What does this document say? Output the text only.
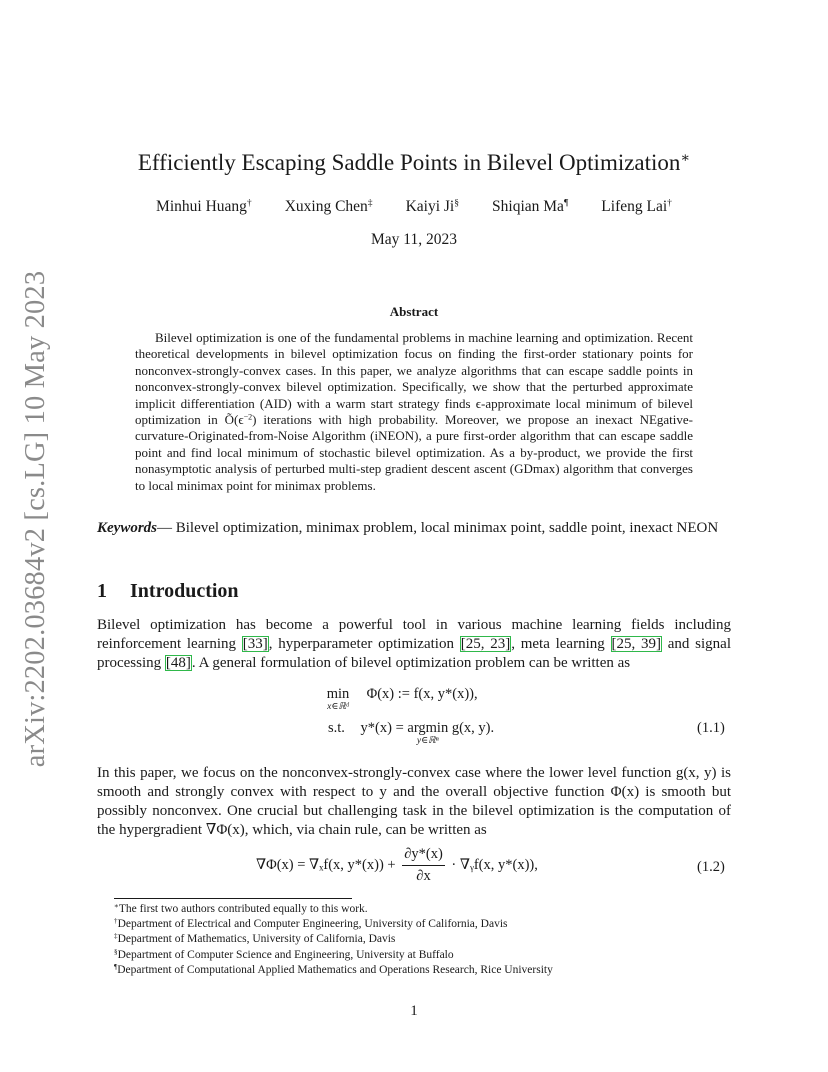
arXiv:2202.03684v2 [cs.LG] 10 May 2023
Efficiently Escaping Saddle Points in Bilevel Optimization∗
Minhui Huang† Xuxing Chen‡ Kaiyi Ji§ Shiqian Ma¶ Lifeng Lai†
May 11, 2023
Abstract
Bilevel optimization is one of the fundamental problems in machine learning and optimization. Recent theoretical developments in bilevel optimization focus on finding the first-order stationary points for nonconvex-strongly-convex cases. In this paper, we analyze algorithms that can escape saddle points in nonconvex-strongly-convex bilevel optimization. Specifically, we show that the perturbed approximate implicit differentiation (AID) with a warm start strategy finds ϵ-approximate local minimum of bilevel optimization in $Õ(\epsilon^{-2})$ iterations with high probability. Moreover, we propose an inexact NEgative-curvature-Originated-from-Noise Algorithm (iNEON), a pure first-order algorithm that can escape saddle point and find local minimum of stochastic bilevel optimization. As a by-product, we provide the first nonasymptotic analysis of perturbed multi-step gradient descent ascent (GDmax) algorithm that converges to local minimax point for minimax problems.
Keywords— Bilevel optimization, minimax problem, local minimax point, saddle point, inexact NEON
1 Introduction
Bilevel optimization has become a powerful tool in various machine learning fields including reinforcement learning [33], hyperparameter optimization [25, 23], meta learning [25, 39] and signal processing [48]. A general formulation of bilevel optimization problem can be written as
min
x∈ℝᵈ
Φ(x) := f(x, y*(x)),
s.t. y*(x) = argmin
y∈ℝⁿ
g(x, y).	(1.1)
In this paper, we focus on the nonconvex-strongly-convex case where the lower level function g(x, y) is smooth and strongly convex with respect to y and the overall objective function Φ(x) is smooth but possibly nonconvex. One crucial but challenging task in the bilevel optimization is the computation of the hypergradient ∇Φ(x), which, via chain rule, can be written as
∇Φ(x) = ∇ₓf(x, $y*(x)) + \frac{\partial y*(x)}{\partial x}$ · ∇ᵧf(x, y*(x)),	(1.2)
∗The first two authors contributed equally to this work.
†Department of Electrical and Computer Engineering, University of California, Davis
‡Department of Mathematics, University of California, Davis
§Department of Computer Science and Engineering, University at Buffalo
¶Department of Computational Applied Mathematics and Operations Research, Rice University
1
